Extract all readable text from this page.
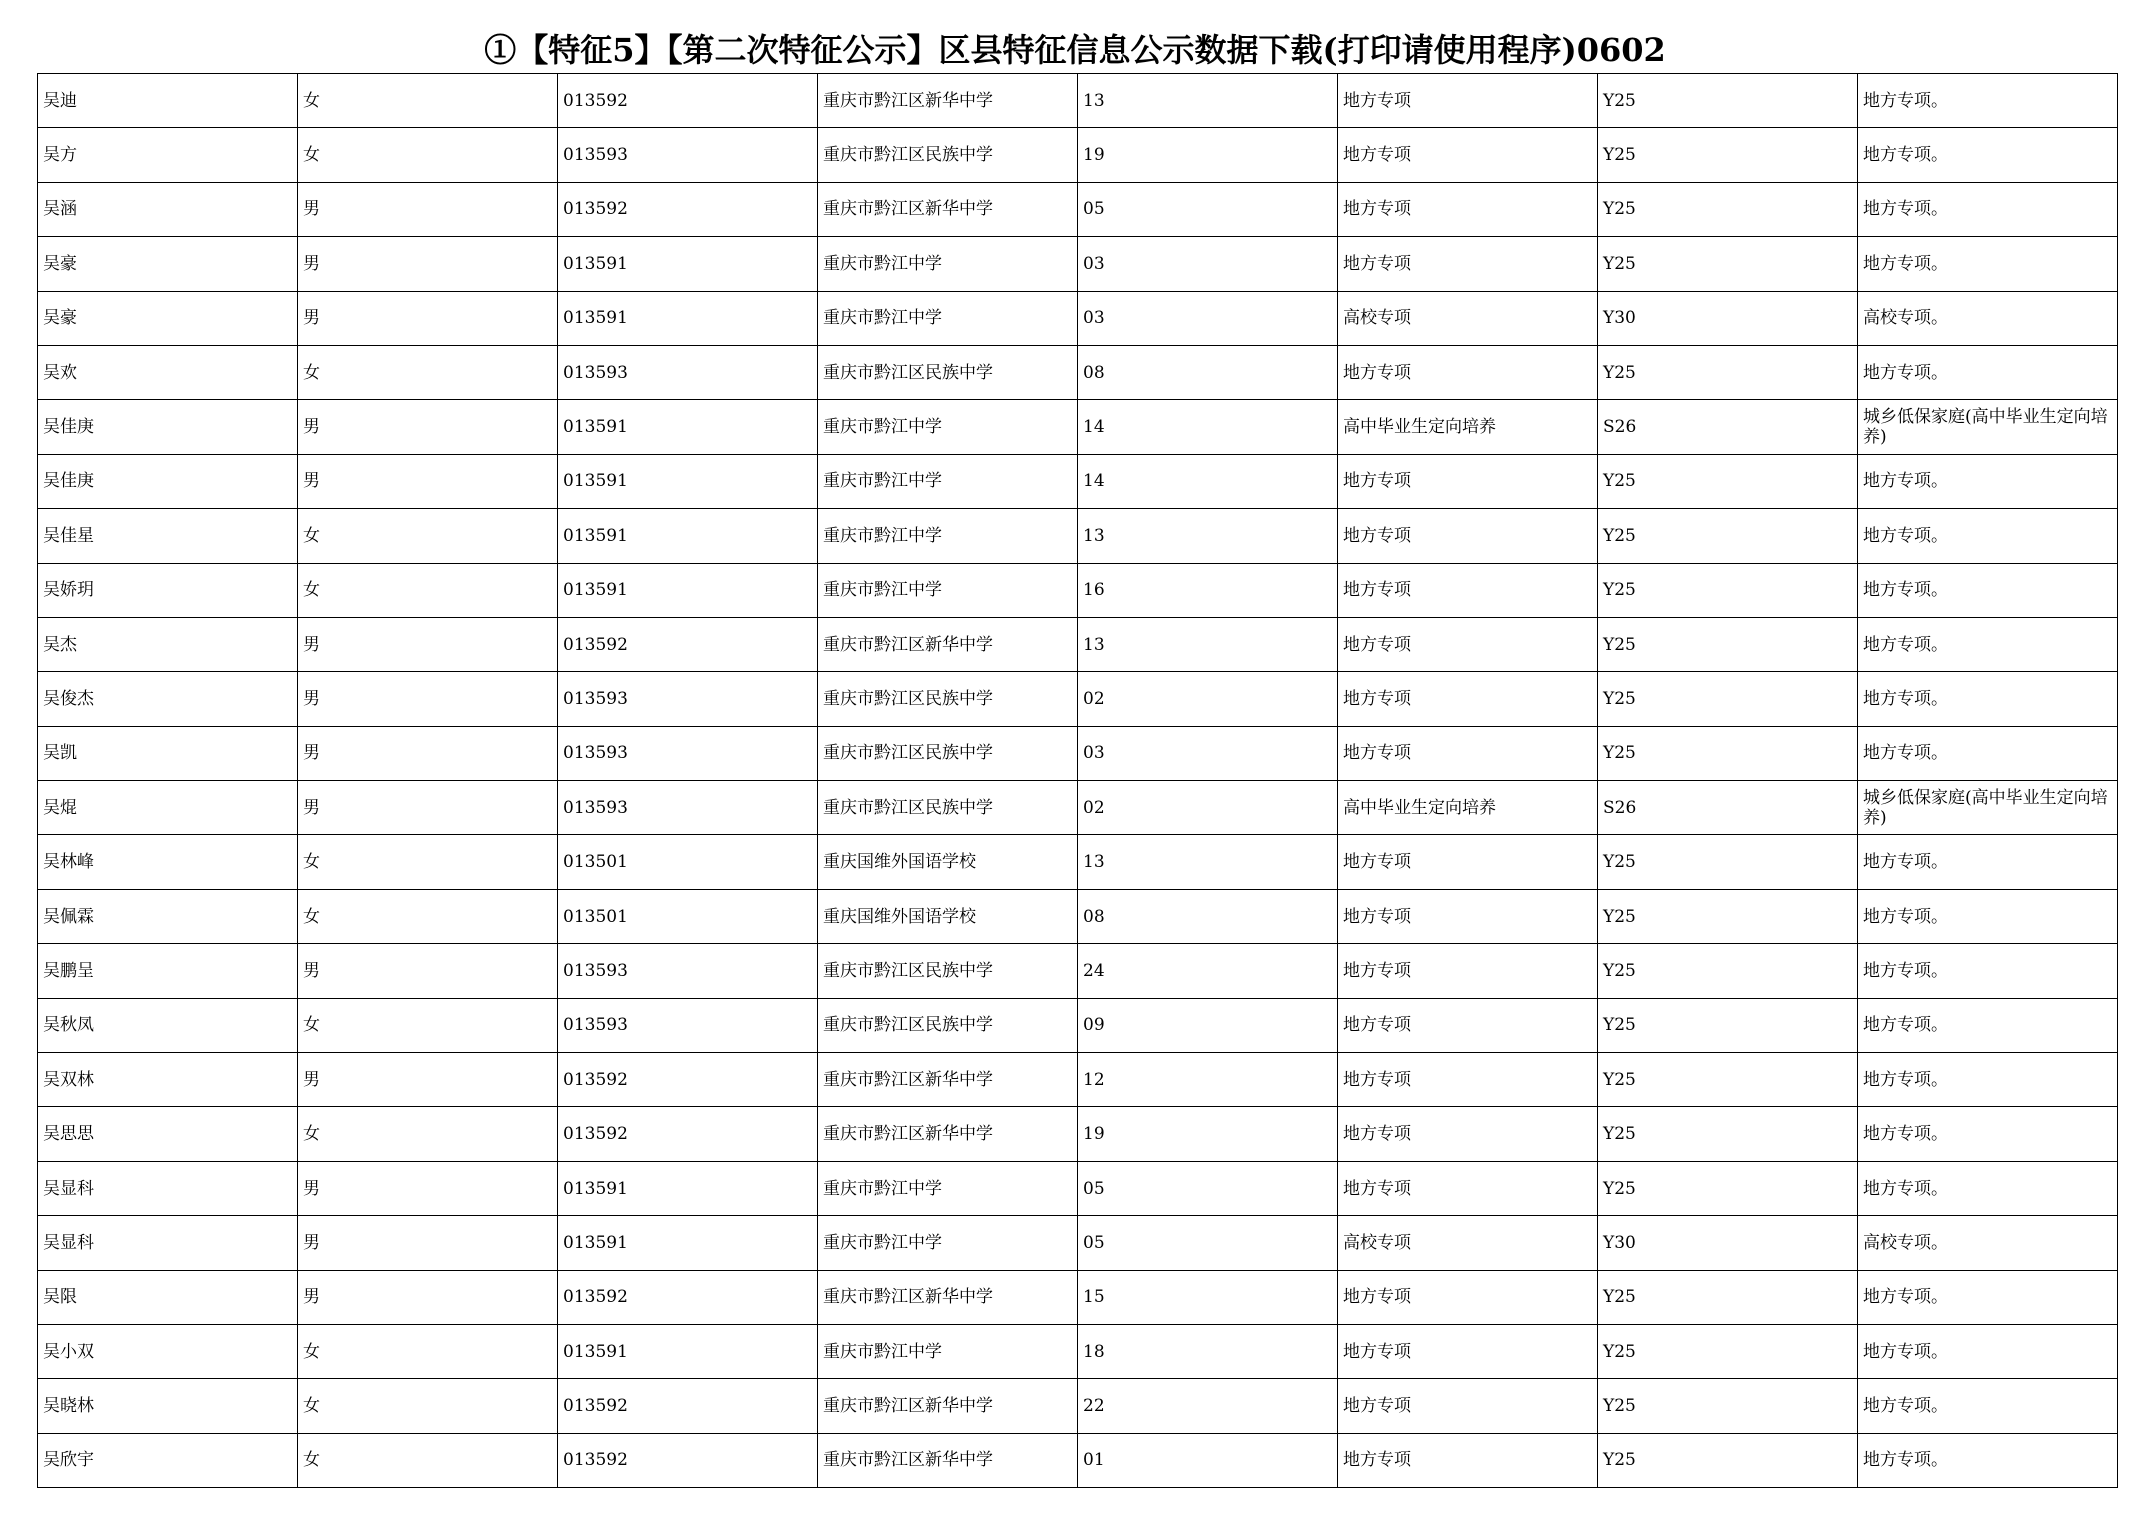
①【特征5】【第二次特征公示】区县特征信息公示数据下载(打印请使用程序)0602
吴迪	女	013592	重庆市黔江区新华中学	13	地方专项	Y25	地方专项。
吴方	女	013593	重庆市黔江区民族中学	19	地方专项	Y25	地方专项。
吴涵	男	013592	重庆市黔江区新华中学	05	地方专项	Y25	地方专项。
吴豪	男	013591	重庆市黔江中学	03	地方专项	Y25	地方专项。
吴豪	男	013591	重庆市黔江中学	03	高校专项	Y30	高校专项。
吴欢	女	013593	重庆市黔江区民族中学	08	地方专项	Y25	地方专项。
吴佳庚	男	013591	重庆市黔江中学	14	高中毕业生定向培养	S26	城乡低保家庭(高中毕业生定向培养)
吴佳庚	男	013591	重庆市黔江中学	14	地方专项	Y25	地方专项。
吴佳星	女	013591	重庆市黔江中学	13	地方专项	Y25	地方专项。
吴娇玥	女	013591	重庆市黔江中学	16	地方专项	Y25	地方专项。
吴杰	男	013592	重庆市黔江区新华中学	13	地方专项	Y25	地方专项。
吴俊杰	男	013593	重庆市黔江区民族中学	02	地方专项	Y25	地方专项。
吴凯	男	013593	重庆市黔江区民族中学	03	地方专项	Y25	地方专项。
吴焜	男	013593	重庆市黔江区民族中学	02	高中毕业生定向培养	S26	城乡低保家庭(高中毕业生定向培养)
吴林峰	女	013501	重庆国维外国语学校	13	地方专项	Y25	地方专项。
吴佩霖	女	013501	重庆国维外国语学校	08	地方专项	Y25	地方专项。
吴鹏呈	男	013593	重庆市黔江区民族中学	24	地方专项	Y25	地方专项。
吴秋凤	女	013593	重庆市黔江区民族中学	09	地方专项	Y25	地方专项。
吴双林	男	013592	重庆市黔江区新华中学	12	地方专项	Y25	地方专项。
吴思思	女	013592	重庆市黔江区新华中学	19	地方专项	Y25	地方专项。
吴显科	男	013591	重庆市黔江中学	05	地方专项	Y25	地方专项。
吴显科	男	013591	重庆市黔江中学	05	高校专项	Y30	高校专项。
吴限	男	013592	重庆市黔江区新华中学	15	地方专项	Y25	地方专项。
吴小双	女	013591	重庆市黔江中学	18	地方专项	Y25	地方专项。
吴晓林	女	013592	重庆市黔江区新华中学	22	地方专项	Y25	地方专项。
吴欣宇	女	013592	重庆市黔江区新华中学	01	地方专项	Y25	地方专项。
